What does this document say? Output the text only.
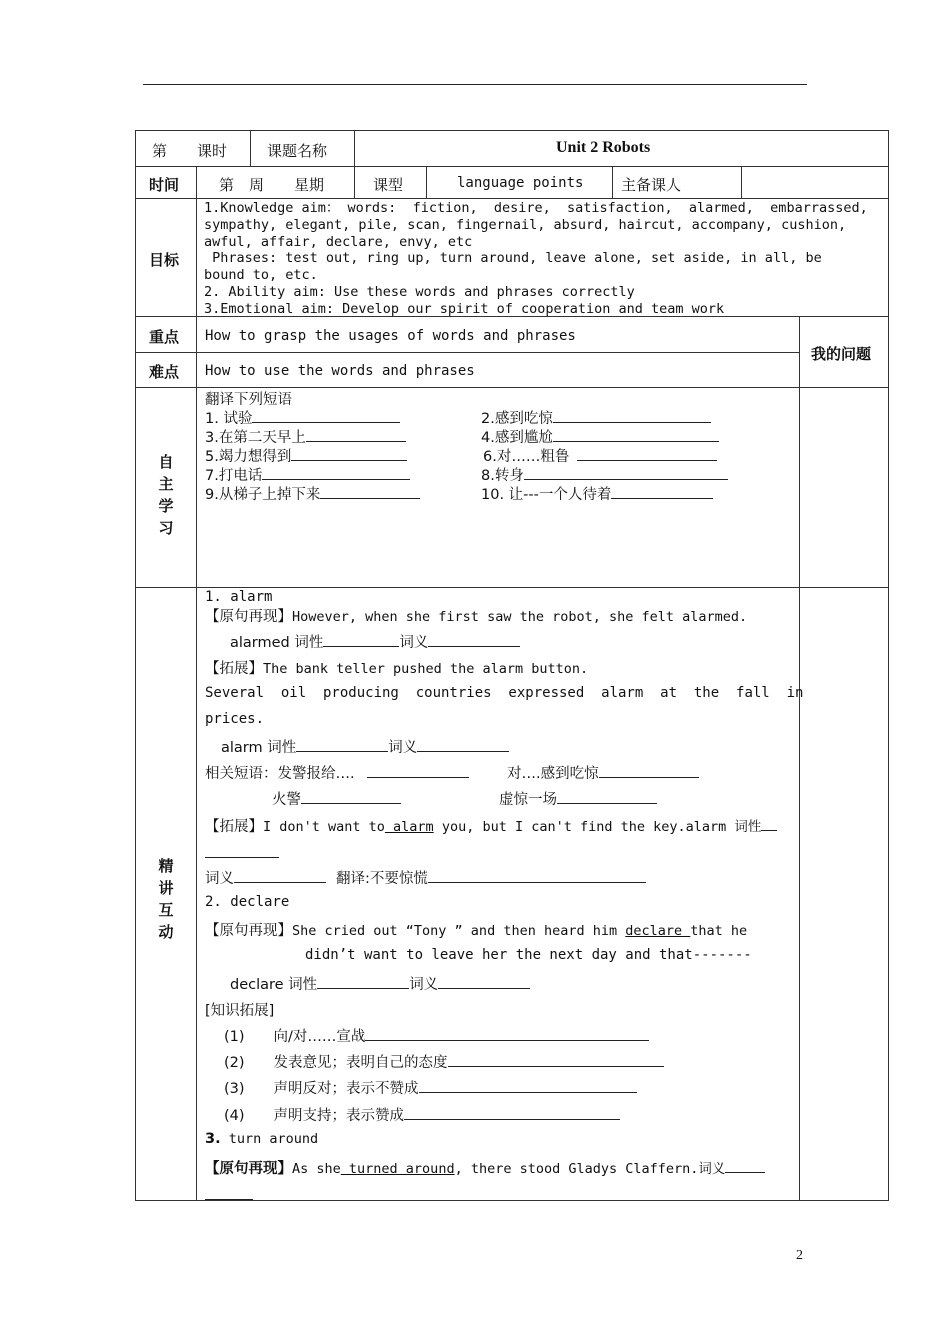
第　　课时	课题名称	Unit 2 Robots
时间	第　周　　星期	课型	language points	主备课人
目标
1.Knowledge aim： words:  fiction,  desire,  satisfaction,  alarmed,  embarrassed,
sympathy, elegant, pile, scan, fingernail, absurd, haircut, accompany, cushion,
awful, affair, declare, envy, etc
Phrases: test out, ring up, turn around, leave alone, set aside, in all, be
bound to, etc.
2. Ability aim: Use these words and phrases correctly
3.Emotional aim: Develop our spirit of cooperation and team work
重点 How to grasp the usages of words and phrases
难点 How to use the words and phrases
我的问题
自
主
学
习
翻译下列短语
1. 试验	2.感到吃惊
3.在第二天早上	4.感到尴尬
5.竭力想得到	6.对……粗鲁
7.打电话	8.转身
9.从梯子上掉下来	10. 让---一个人待着
精
讲
互
动
1. alarm
【原句再现】However, when she first saw the robot, she felt alarmed.
alarmed 词性	词义
【拓展】The bank teller pushed the alarm button.
Several  oil  producing  countries  expressed  alarm  at  the  fall  in
prices.
alarm 词性	词义
相关短语：发警报给….	对….感到吃惊
火警	虚惊一场
【拓展】I don't want to alarm you, but I can't find the key.alarm 词性
词义	翻译:不要惊慌
2. declare
【原句再现】She cried out “Tony ” and then heard him declare that he
didn’t want to leave her the next day and that-------
declare 词性	词义
[知识拓展]
(1)　　向/对……宣战
(2)　　发表意见；表明自己的态度
(3)　　声明反对；表示不赞成
(4)　　声明支持；表示赞成
3. turn around
【原句再现】As she turned around, there stood Gladys Claffern.词义
2
